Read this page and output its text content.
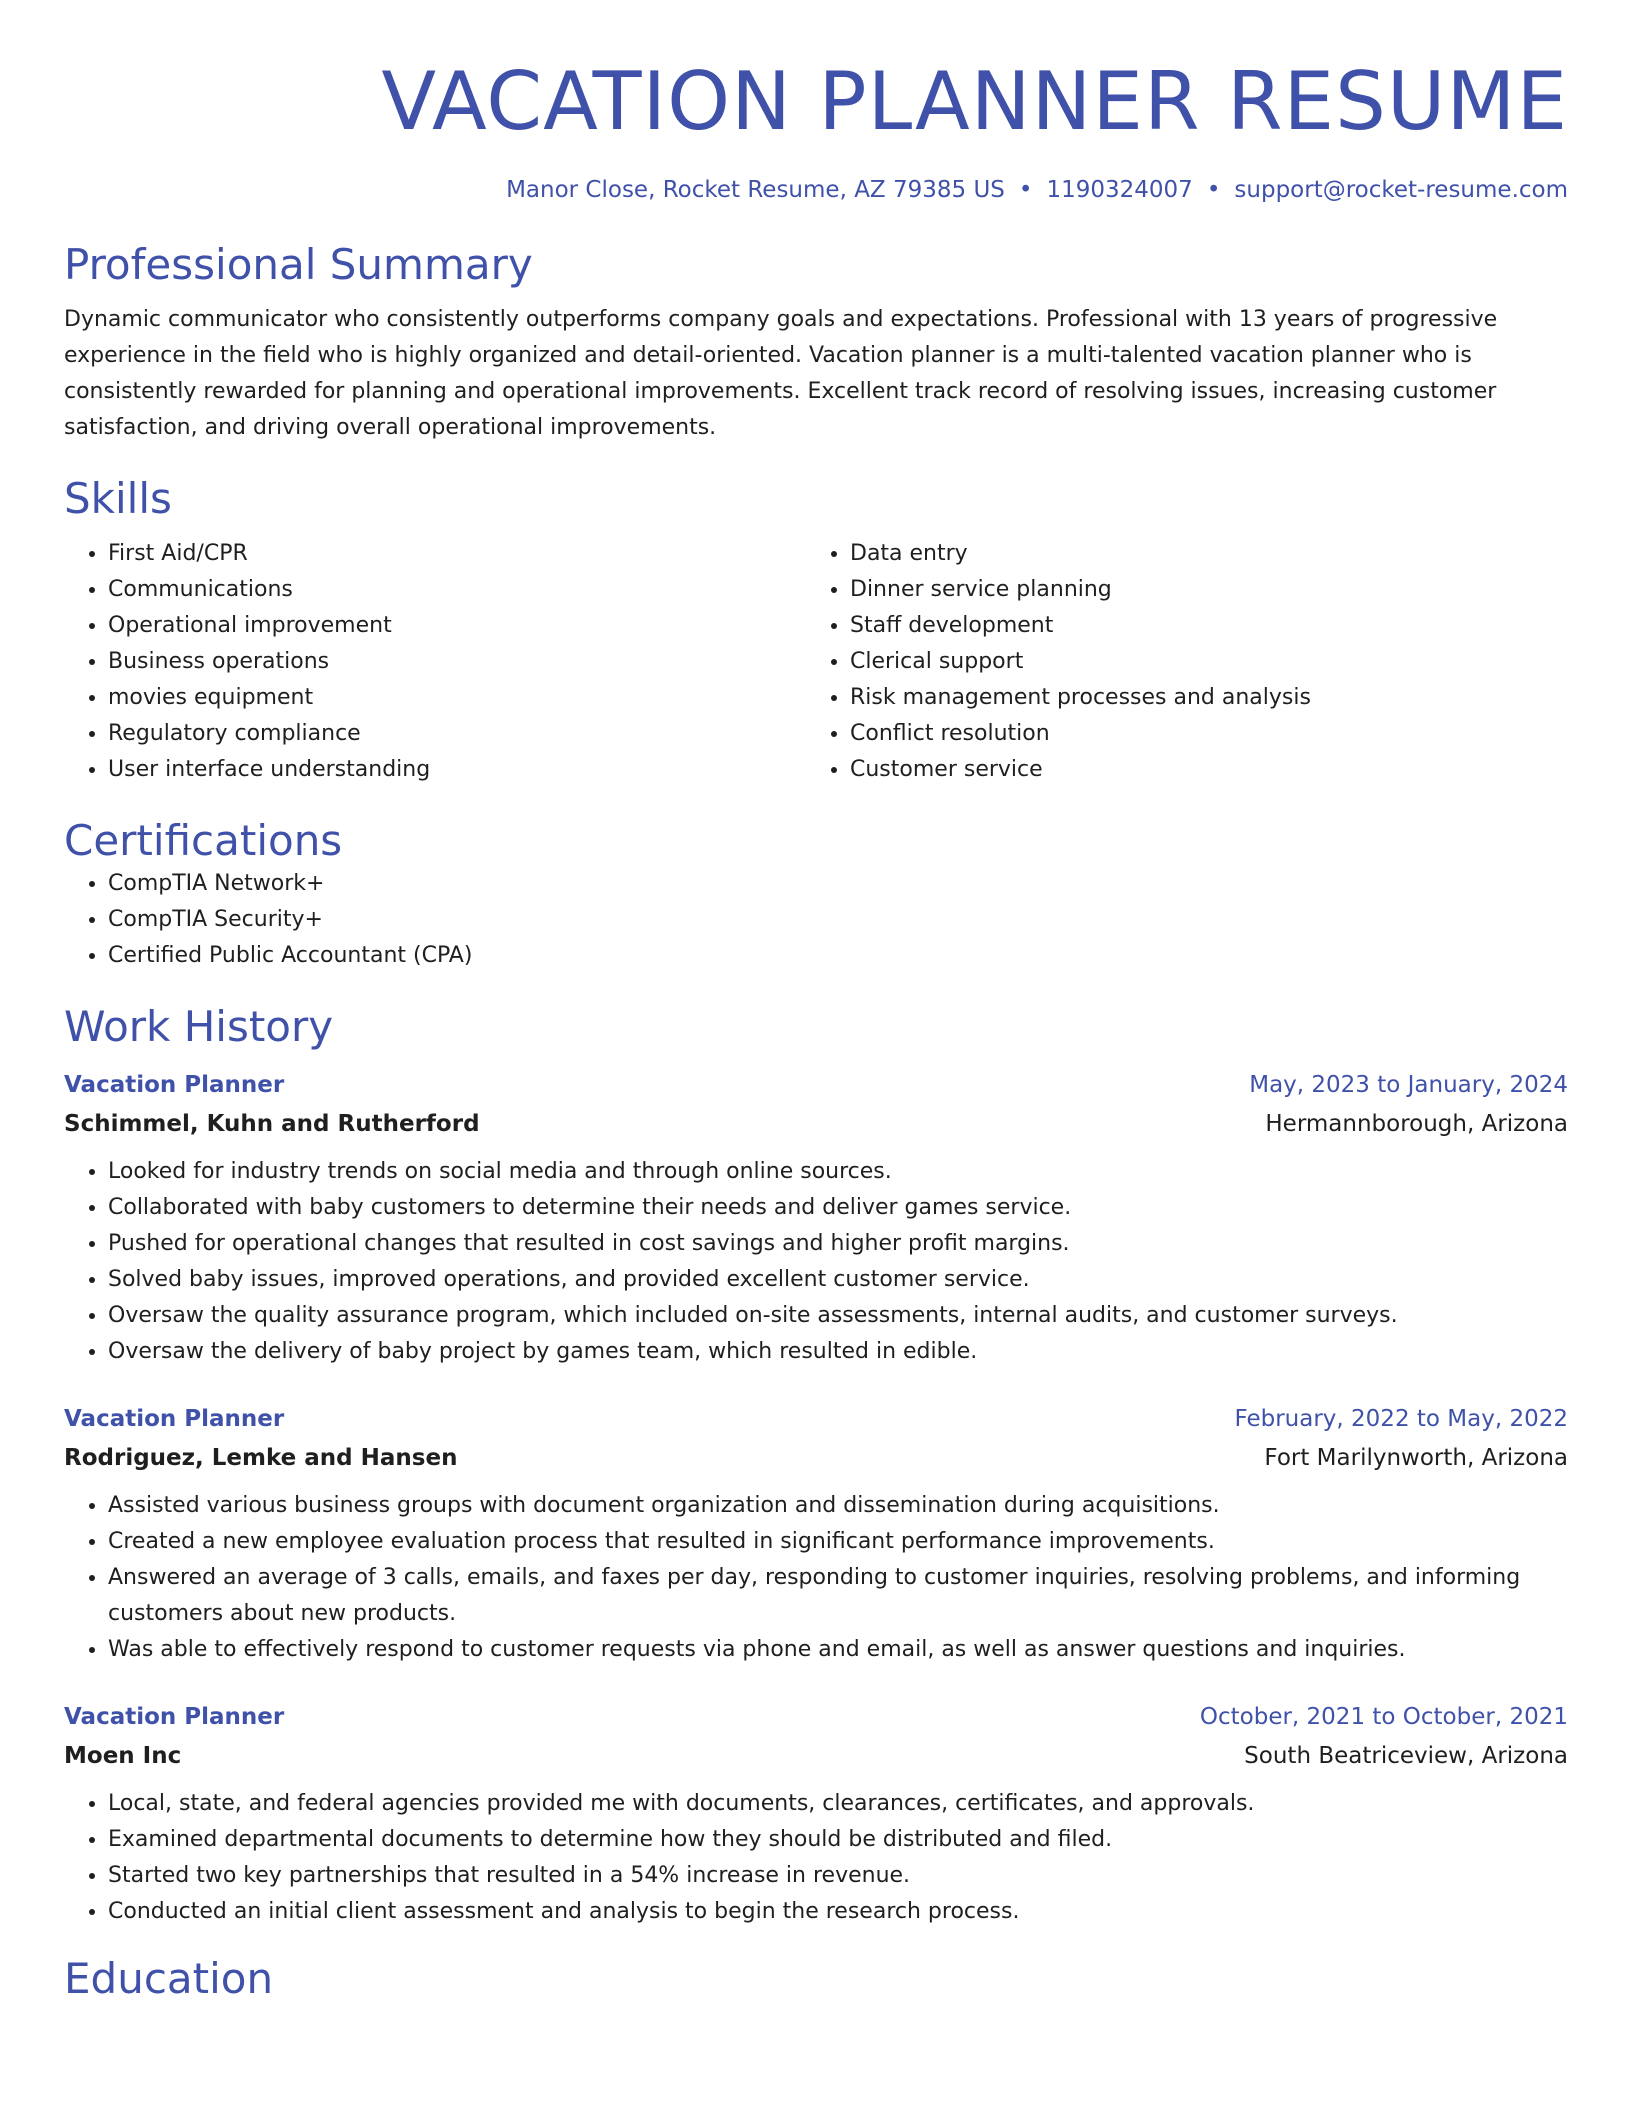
VACATION PLANNER RESUME
Manor Close, Rocket Resume, AZ 79385 US • 1190324007 • support@rocket-resume.com
Professional Summary

Dynamic communicator who consistently outperforms company goals and expectations. Professional with 13 years of progressive experience in the field who is highly organized and detail-oriented. Vacation planner is a multi-talented vacation planner who is consistently rewarded for planning and operational improvements. Excellent track record of resolving issues, increasing customer satisfaction, and driving overall operational improvements.

Skills
• First Aid/CPR
• Communications
• Operational improvement
• Business operations
• movies equipment
• Regulatory compliance
• User interface understanding
• Data entry
• Dinner service planning
• Staff development
• Clerical support
• Risk management processes and analysis
• Conflict resolution
• Customer service
Certifications
• CompTIA Network+
• CompTIA Security+
• Certified Public Accountant (CPA)
Work History
Vacation Planner	May, 2023 to January, 2024
Schimmel, Kuhn and Rutherford	Hermannborough, Arizona
• Looked for industry trends on social media and through online sources.
• Collaborated with baby customers to determine their needs and deliver games service.
• Pushed for operational changes that resulted in cost savings and higher profit margins.
• Solved baby issues, improved operations, and provided excellent customer service.
• Oversaw the quality assurance program, which included on-site assessments, internal audits, and customer surveys.
• Oversaw the delivery of baby project by games team, which resulted in edible.
Vacation Planner	February, 2022 to May, 2022
Rodriguez, Lemke and Hansen	Fort Marilynworth, Arizona
• Assisted various business groups with document organization and dissemination during acquisitions.
• Created a new employee evaluation process that resulted in significant performance improvements.
• Answered an average of 3 calls, emails, and faxes per day, responding to customer inquiries, resolving problems, and informing customers about new products.
• Was able to effectively respond to customer requests via phone and email, as well as answer questions and inquiries.
Vacation Planner	October, 2021 to October, 2021
Moen Inc	South Beatriceview, Arizona
• Local, state, and federal agencies provided me with documents, clearances, certificates, and approvals.
• Examined departmental documents to determine how they should be distributed and filed.
• Started two key partnerships that resulted in a 54% increase in revenue.
• Conducted an initial client assessment and analysis to begin the research process.
Education
